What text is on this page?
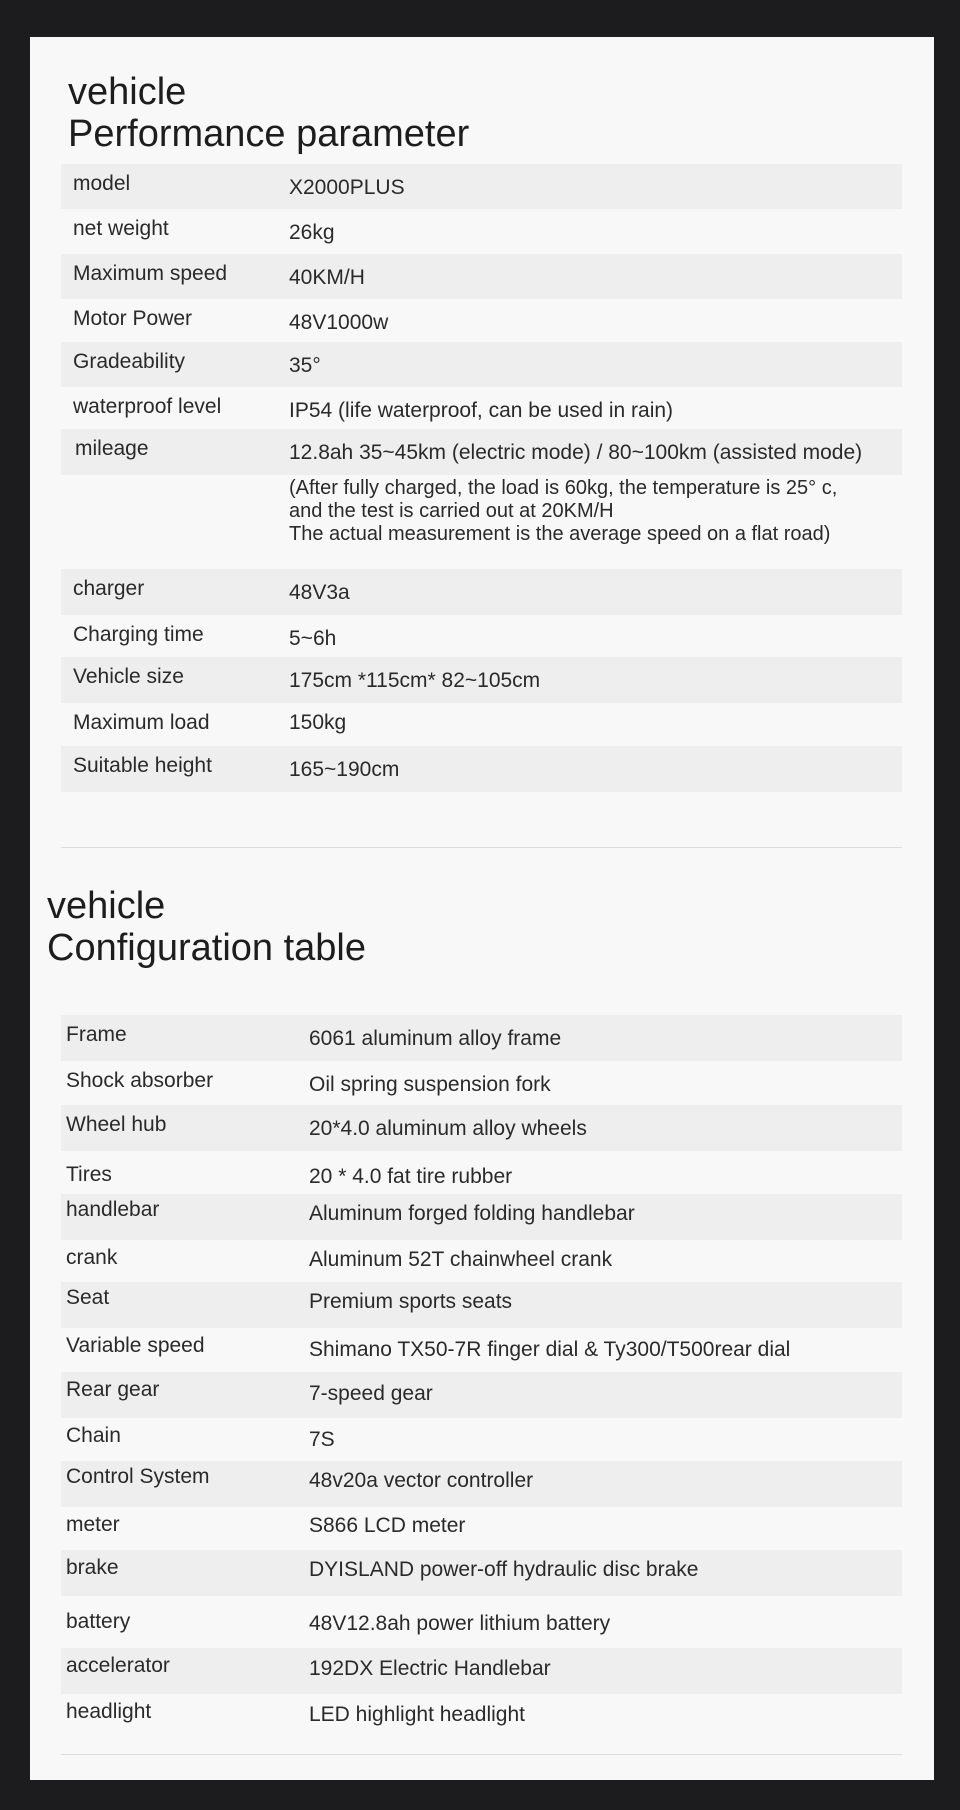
vehicle
Performance parameter
model	X2000PLUS
net weight	26kg
Maximum speed	40KM/H
Motor Power	48V1000w
Gradeability	35°
waterproof level	IP54 (life waterproof, can be used in rain)
mileage	12.8ah 35~45km (electric mode) / 80~100km (assisted mode)
(After fully charged, the load is 60kg, the temperature is 25° c,
and the test is carried out at 20KM/H
The actual measurement is the average speed on a flat road)
charger	48V3a
Charging time	5~6h
Vehicle size	175cm *115cm* 82~105cm
Maximum load	150kg
Suitable height	165~190cm
vehicle
Configuration table
Frame	6061 aluminum alloy frame
Shock absorber	Oil spring suspension fork
Wheel hub	20*4.0 aluminum alloy wheels
Tires	20 * 4.0 fat tire rubber
handlebar	Aluminum forged folding handlebar
crank	Aluminum 52T chainwheel crank
Seat	Premium sports seats
Variable speed	Shimano TX50-7R finger dial & Ty300/T500rear dial
Rear gear	7-speed gear
Chain	7S
Control System	48v20a vector controller
meter	S866 LCD meter
brake	DYISLAND power-off hydraulic disc brake
battery	48V12.8ah power lithium battery
accelerator	192DX Electric Handlebar
headlight	LED highlight headlight
